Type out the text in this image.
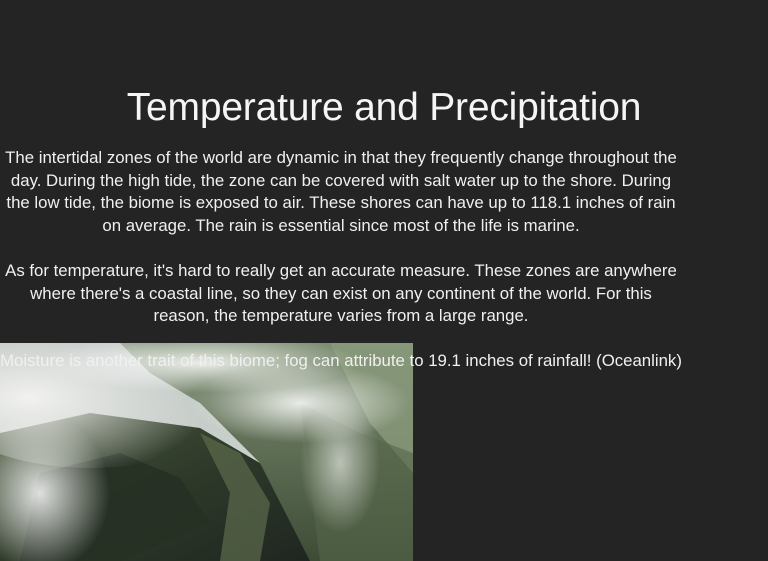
Temperature and Precipitation

The intertidal zones of the world are dynamic in that they frequently change throughout the day. During the high tide, the zone can be covered with salt water up to the shore. During the low tide, the biome is exposed to air. These shores can have up to 118.1 inches of rain on average. The rain is essential since most of the life is marine.

As for temperature, it's hard to really get an accurate measure. These zones are anywhere where there's a coastal line, so they can exist on any continent of the world. For this reason, the temperature varies from a large range.

Moisture is another trait of this biome; fog can attribute to 19.1 inches of rainfall! (Oceanlink)
